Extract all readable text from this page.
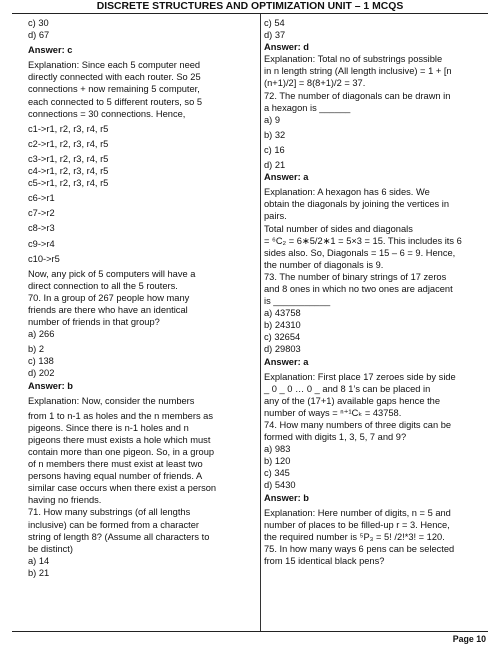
DISCRETE STRUCTURES AND OPTIMIZATION UNIT – 1 MCQS

c) 30

d) 67

Answer: c

Explanation: Since each 5 computer need

directly connected with each router. So 25

connections + now remaining 5 computer,

each connected to 5 different routers, so 5

connections = 30 connections. Hence,

c1->r1, r2, r3, r4, r5

c2->r1, r2, r3, r4, r5

c3->r1, r2, r3, r4, r5

c4->r1, r2, r3, r4, r5

c5->r1, r2, r3, r4, r5

c6->r1

c7->r2

c8->r3

c9->r4

c10->r5

Now, any pick of 5 computers will have a

direct connection to all the 5 routers.

70. In a group of 267 people how many

friends are there who have an identical

number of friends in that group?

a) 266

b) 2

c) 138

d) 202

Answer: b

Explanation: Now, consider the numbers

from 1 to n-1 as holes and the n members as

pigeons. Since there is n-1 holes and n

pigeons there must exists a hole which must

contain more than one pigeon. So, in a group

of n members there must exist at least two

persons having equal number of friends. A

similar case occurs when there exist a person

having no friends.

71. How many substrings (of all lengths

inclusive) can be formed from a character

string of length 8? (Assume all characters to

be distinct)

a) 14

b) 21

c) 54

d) 37

Answer: d

Explanation: Total no of substrings possible

in n length string (All length inclusive) = 1 + [n

(n+1)/2] = 8(8+1)/2 = 37.

72. The number of diagonals can be drawn in

a hexagon is ______

a) 9

b) 32

c) 16

d) 21

Answer: a

Explanation: A hexagon has 6 sides. We

obtain the diagonals by joining the vertices in

pairs.

Total number of sides and diagonals

= ⁶C₂ = 6∗5/2∗1 = 5×3 = 15. This includes its 6

sides also. So, Diagonals = 15 – 6 = 9. Hence,

the number of diagonals is 9.

73. The number of binary strings of 17 zeros

and 8 ones in which no two ones are adjacent

is ___________

a) 43758

b) 24310

c) 32654

d) 29803

Answer: a

Explanation: First place 17 zeroes side by side

_ 0 _ 0 … 0 _ and 8 1’s can be placed in

any of the (17+1) available gaps hence the

number of ways = ⁿ⁺¹Cₖ = 43758.

74. How many numbers of three digits can be

formed with digits 1, 3, 5, 7 and 9?

a) 983

b) 120

c) 345

d) 5430

Answer: b

Explanation: Here number of digits, n = 5 and

number of places to be filled-up r = 3. Hence,

the required number is ⁵P₃ = 5! /2!*3! = 120.

75. In how many ways 6 pens can be selected

from 15 identical black pens?

Page 10
